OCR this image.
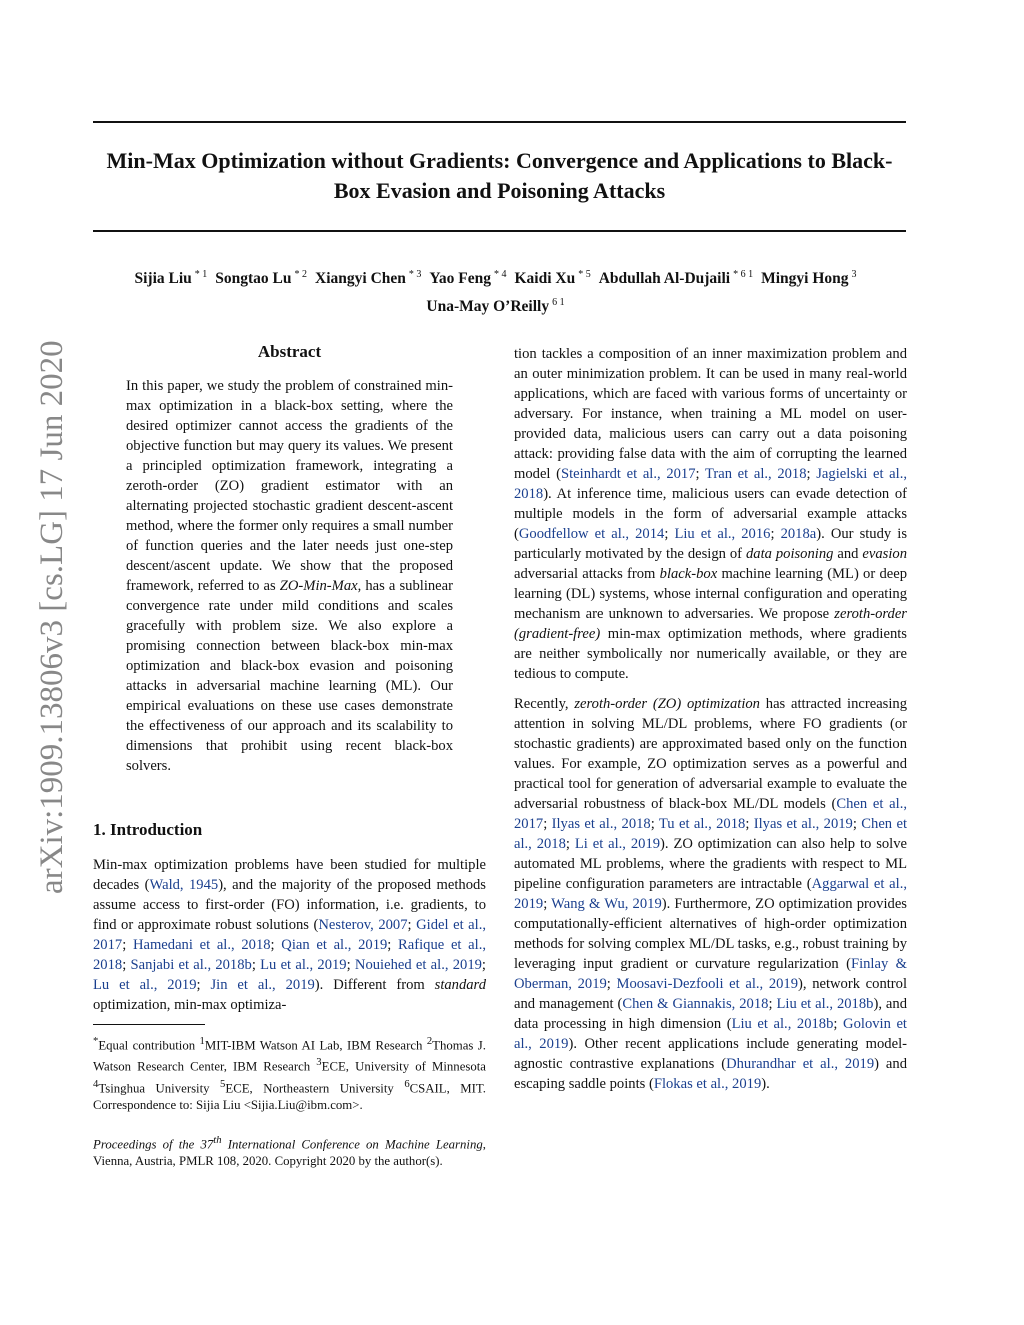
Min-Max Optimization without Gradients: Convergence and Applications to Black-Box Evasion and Poisoning Attacks
Sijia Liu $^{* 1}$ Songtao Lu $^{* 2}$ Xiangyi Chen $^{* 3}$ Yao Feng $^{* 4}$ Kaidi Xu $^{* 5}$ Abdullah Al-Dujaili $^{* 6 1}$ Mingyi Hong $^3$
Una-May O’Reilly $^{6 1}$
arXiv:1909.13806v3 [cs.LG] 17 Jun 2020	Abstract

In this paper, we study the problem of constrained min-max optimization in a black-box setting, where the desired optimizer cannot access the gradients of the objective function but may query its values. We present a principled optimization framework, integrating a zeroth-order (ZO) gradient estimator with an alternating projected stochastic gradient descent-ascent method, where the former only requires a small number of function queries and the later needs just one-step descent/ascent update. We show that the proposed framework, referred to as ZO-Min-Max, has a sublinear convergence rate under mild conditions and scales gracefully with problem size. We also explore a promising connection between black-box min-max optimization and black-box evasion and poisoning attacks in adversarial machine learning (ML). Our empirical evaluations on these use cases demonstrate the effectiveness of our approach and its scalability to dimensions that prohibit using recent black-box solvers.

1. Introduction

Min-max optimization problems have been studied for multiple decades (Wald, 1945), and the majority of the proposed methods assume access to first-order (FO) information, i.e. gradients, to find or approximate robust solutions (Nesterov, 2007; Gidel et al., 2017; Hamedani et al., 2018; Qian et al., 2019; Rafique et al., 2018; Sanjabi et al., 2018b; Lu et al., 2019; Nouiehed et al., 2019; Lu et al., 2019; Jin et al., 2019). Different from standard optimization, min-max optimiza-

*Equal contribution $^1$MIT-IBM Watson AI Lab, IBM Research $^2$Thomas J. Watson Research Center, IBM Research $^3$ECE, University of Minnesota $^4$Tsinghua University $^5$ECE, Northeastern University $^6$CSAIL, MIT. Correspondence to: Sijia Liu <Sijia.Liu@ibm.com>.

Proceedings of the 37th International Conference on Machine Learning, Vienna, Austria, PMLR 108, 2020. Copyright 2020 by the author(s).

tion tackles a composition of an inner maximization problem and an outer minimization problem. It can be used in many real-world applications, which are faced with various forms of uncertainty or adversary. For instance, when training a ML model on user-provided data, malicious users can carry out a data poisoning attack: providing false data with the aim of corrupting the learned model (Steinhardt et al., 2017; Tran et al., 2018; Jagielski et al., 2018). At inference time, malicious users can evade detection of multiple models in the form of adversarial example attacks (Goodfellow et al., 2014; Liu et al., 2016; 2018a). Our study is particularly motivated by the design of data poisoning and evasion adversarial attacks from black-box machine learning (ML) or deep learning (DL) systems, whose internal configuration and operating mechanism are unknown to adversaries. We propose zeroth-order (gradient-free) min-max optimization methods, where gradients are neither symbolically nor numerically available, or they are tedious to compute.

Recently, zeroth-order (ZO) optimization has attracted increasing attention in solving ML/DL problems, where FO gradients (or stochastic gradients) are approximated based only on the function values. For example, ZO optimization serves as a powerful and practical tool for generation of adversarial example to evaluate the adversarial robustness of black-box ML/DL models (Chen et al., 2017; Ilyas et al., 2018; Tu et al., 2018; Ilyas et al., 2019; Chen et al., 2018; Li et al., 2019). ZO optimization can also help to solve automated ML problems, where the gradients with respect to ML pipeline configuration parameters are intractable (Aggarwal et al., 2019; Wang & Wu, 2019). Furthermore, ZO optimization provides computationally-efficient alternatives of high-order optimization methods for solving complex ML/DL tasks, e.g., robust training by leveraging input gradient or curvature regularization (Finlay & Oberman, 2019; Moosavi-Dezfooli et al., 2019), network control and management (Chen & Giannakis, 2018; Liu et al., 2018b), and data processing in high dimension (Liu et al., 2018b; Golovin et al., 2019). Other recent applications include generating model-agnostic contrastive explanations (Dhurandhar et al., 2019) and escaping saddle points (Flokas et al., 2019).
